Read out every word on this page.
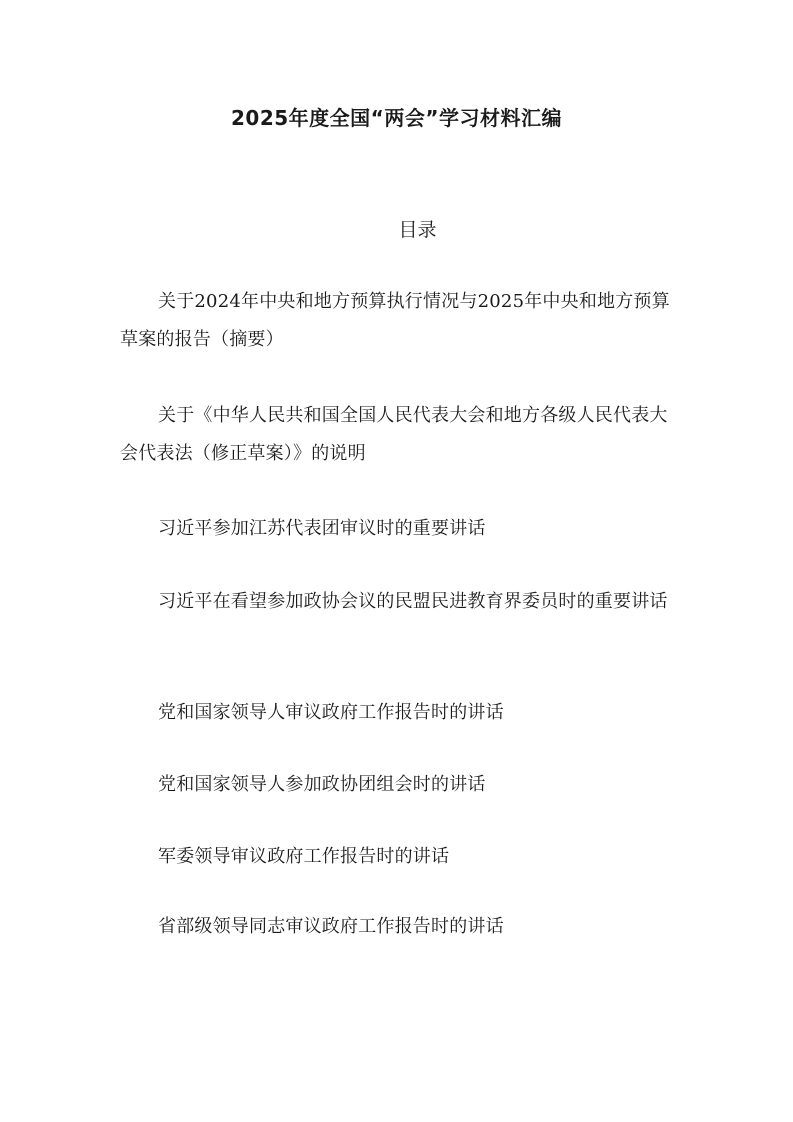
2025年度全国“两会”学习材料汇编
目录
关于2024年中央和地方预算执行情况与2025年中央和地方预算草案的报告（摘要）
关于《中华人民共和国全国人民代表大会和地方各级人民代表大会代表法（修正草案）》的说明
习近平参加江苏代表团审议时的重要讲话
习近平在看望参加政协会议的民盟民进教育界委员时的重要讲话
党和国家领导人审议政府工作报告时的讲话
党和国家领导人参加政协团组会时的讲话
军委领导审议政府工作报告时的讲话
省部级领导同志审议政府工作报告时的讲话
